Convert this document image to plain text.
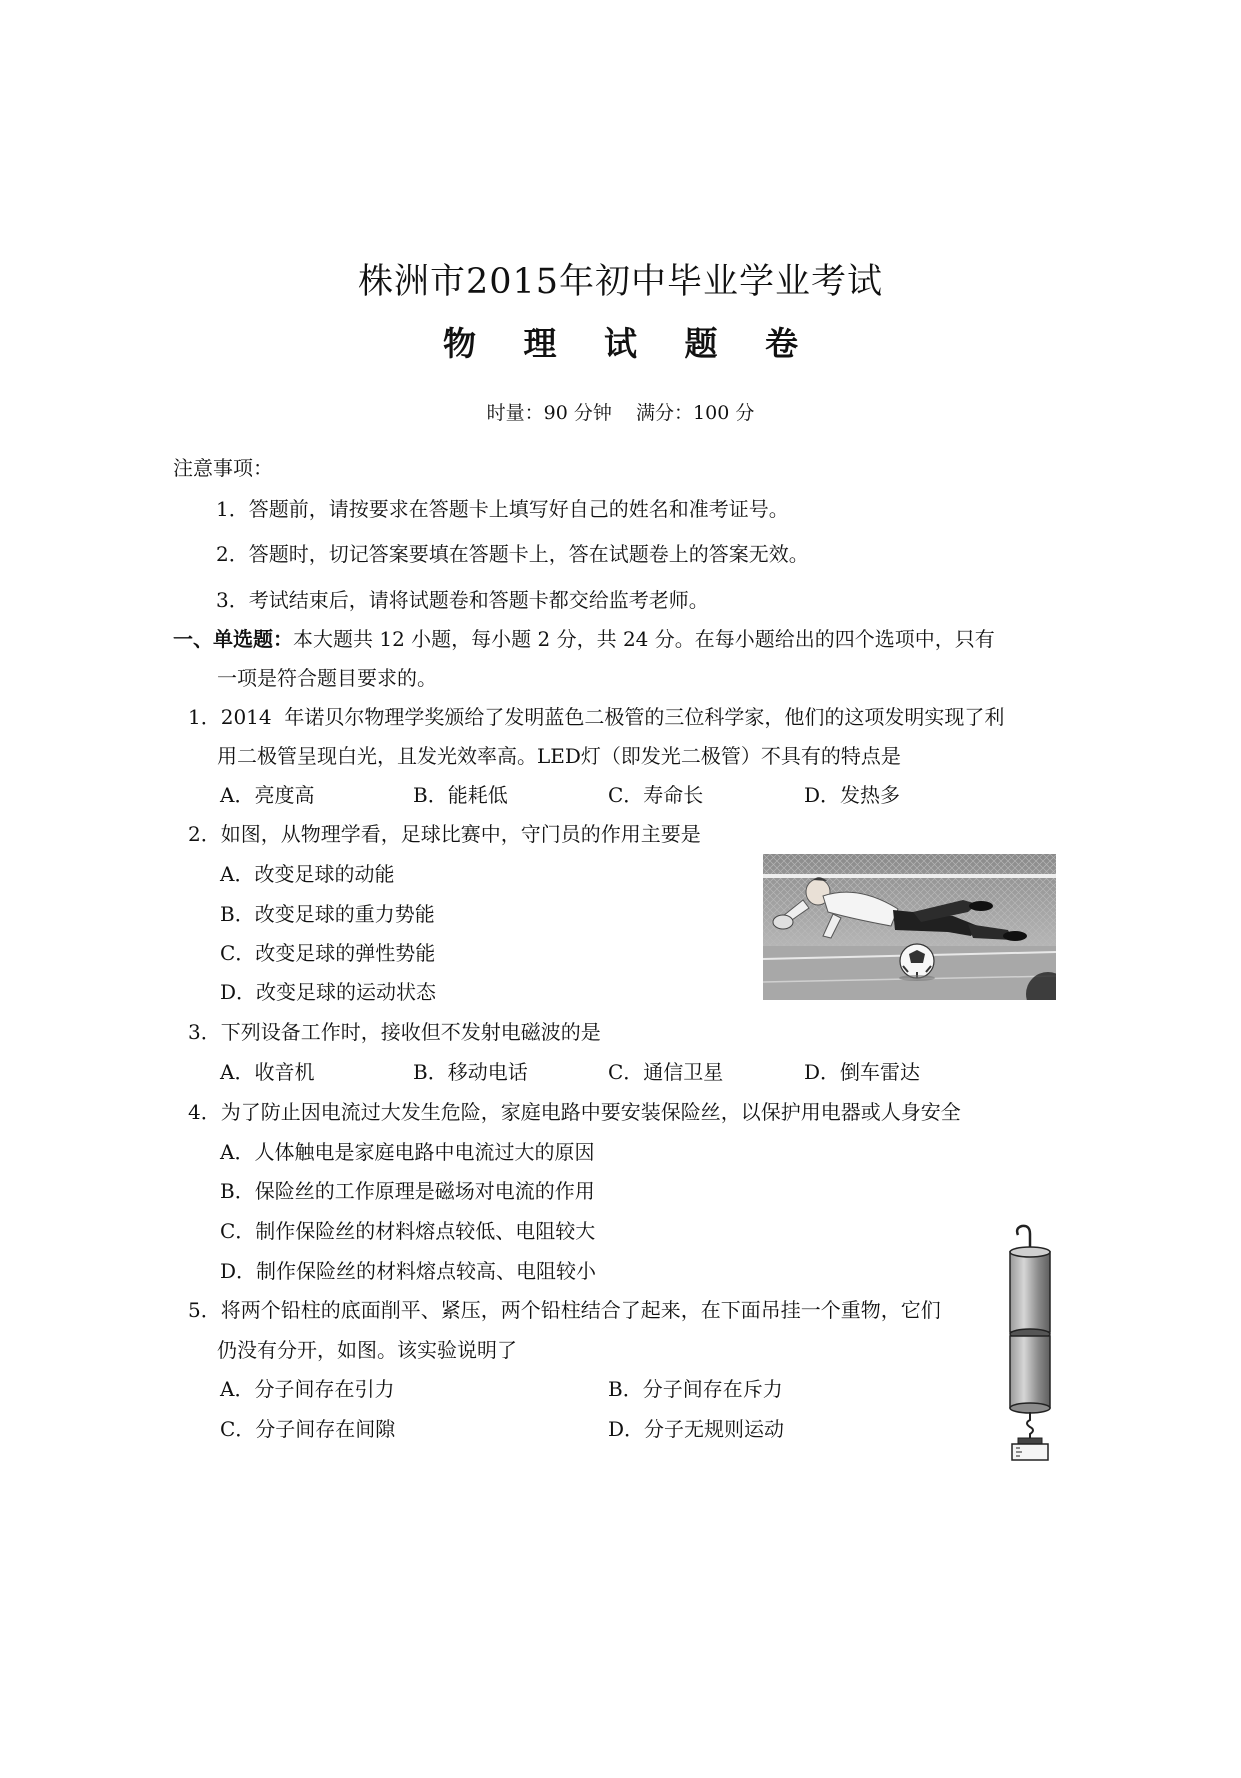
株洲市2015年初中毕业学业考试
物 理 试 题 卷
时量：90 分钟    满分：100 分
注意事项：
1．答题前，请按要求在答题卡上填写好自己的姓名和准考证号。
2．答题时，切记答案要填在答题卡上，答在试题卷上的答案无效。
3．考试结束后，请将试题卷和答题卡都交给监考老师。
一、单选题：本大题共 12 小题，每小题 2 分，共 24 分。在每小题给出的四个选项中，只有
一项是符合题目要求的。
1．2014  年诺贝尔物理学奖颁给了发明蓝色二极管的三位科学家，他们的这项发明实现了利
用二极管呈现白光，且发光效率高。LED灯（即发光二极管）不具有的特点是
A．亮度高	B．能耗低	C．寿命长	D．发热多
2．如图，从物理学看，足球比赛中，守门员的作用主要是
A．改变足球的动能
B．改变足球的重力势能
C．改变足球的弹性势能
D．改变足球的运动状态
3．下列设备工作时，接收但不发射电磁波的是
A．收音机	B．移动电话	C．通信卫星	D．倒车雷达
4．为了防止因电流过大发生危险，家庭电路中要安装保险丝，以保护用电器或人身安全
A．人体触电是家庭电路中电流过大的原因
B．保险丝的工作原理是磁场对电流的作用
C．制作保险丝的材料熔点较低、电阻较大
D．制作保险丝的材料熔点较高、电阻较小
5．将两个铅柱的底面削平、紧压，两个铅柱结合了起来，在下面吊挂一个重物，它们
仍没有分开，如图。该实验说明了
A．分子间存在引力	B．分子间存在斥力
C．分子间存在间隙	D．分子无规则运动
